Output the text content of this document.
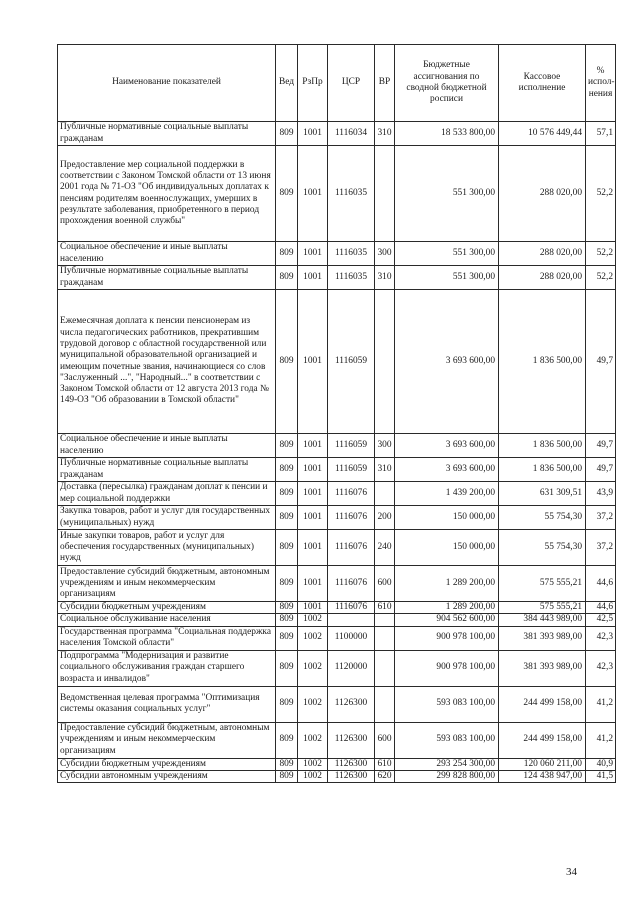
Наименование показателей	Вед	РзПр	ЦСР	ВР	Бюджетные ассигнования по сводной бюджетной росписи	Кассовое исполнение	% испол-нения
Публичные нормативные социальные выплаты гражданам	809	1001	1116034	310	18 533 800,00	10 576 449,44	57,1
Предоставление мер социальной поддержки в соответствии с Законом Томской области от 13 июня 2001 года № 71-ОЗ "Об индивидуальных доплатах к пенсиям родителям военнослужащих, умерших в результате заболевания, приобретенного в период прохождения военной службы"	809	1001	1116035		551 300,00	288 020,00	52,2
Социальное обеспечение и иные выплаты населению	809	1001	1116035	300	551 300,00	288 020,00	52,2
Публичные нормативные социальные выплаты гражданам	809	1001	1116035	310	551 300,00	288 020,00	52,2
Ежемесячная доплата к пенсии пенсионерам из числа педагогических работников, прекратившим трудовой договор с областной государственной или муниципальной образовательной организацией и имеющим почетные звания, начинающиеся со слов "Заслуженный ...", "Народный..." в соответствии с Законом Томской области от 12 августа 2013 года № 149-ОЗ "Об образовании в Томской области"	809	1001	1116059		3 693 600,00	1 836 500,00	49,7
Социальное обеспечение и иные выплаты населению	809	1001	1116059	300	3 693 600,00	1 836 500,00	49,7
Публичные нормативные социальные выплаты гражданам	809	1001	1116059	310	3 693 600,00	1 836 500,00	49,7
Доставка (пересылка) гражданам доплат к пенсии и мер социальной поддержки	809	1001	1116076		1 439 200,00	631 309,51	43,9
Закупка товаров, работ и услуг для государственных (муниципальных) нужд	809	1001	1116076	200	150 000,00	55 754,30	37,2
Иные закупки товаров, работ и услуг для обеспечения государственных (муниципальных) нужд	809	1001	1116076	240	150 000,00	55 754,30	37,2
Предоставление субсидий бюджетным, автономным учреждениям и иным некоммерческим организациям	809	1001	1116076	600	1 289 200,00	575 555,21	44,6
Субсидии бюджетным учреждениям	809	1001	1116076	610	1 289 200,00	575 555,21	44,6
Социальное обслуживание населения	809	1002			904 562 600,00	384 443 989,00	42,5
Государственная программа "Социальная поддержка населения Томской области"	809	1002	1100000		900 978 100,00	381 393 989,00	42,3
Подпрограмма "Модернизация и развитие социального обслуживания граждан старшего возраста и инвалидов"	809	1002	1120000		900 978 100,00	381 393 989,00	42,3
Ведомственная целевая программа "Оптимизация системы оказания социальных услуг"	809	1002	1126300		593 083 100,00	244 499 158,00	41,2
Предоставление субсидий бюджетным, автономным учреждениям и иным некоммерческим организациям	809	1002	1126300	600	593 083 100,00	244 499 158,00	41,2
Субсидии бюджетным учреждениям	809	1002	1126300	610	293 254 300,00	120 060 211,00	40,9
Субсидии автономным учреждениям	809	1002	1126300	620	299 828 800,00	124 438 947,00	41,5
34
